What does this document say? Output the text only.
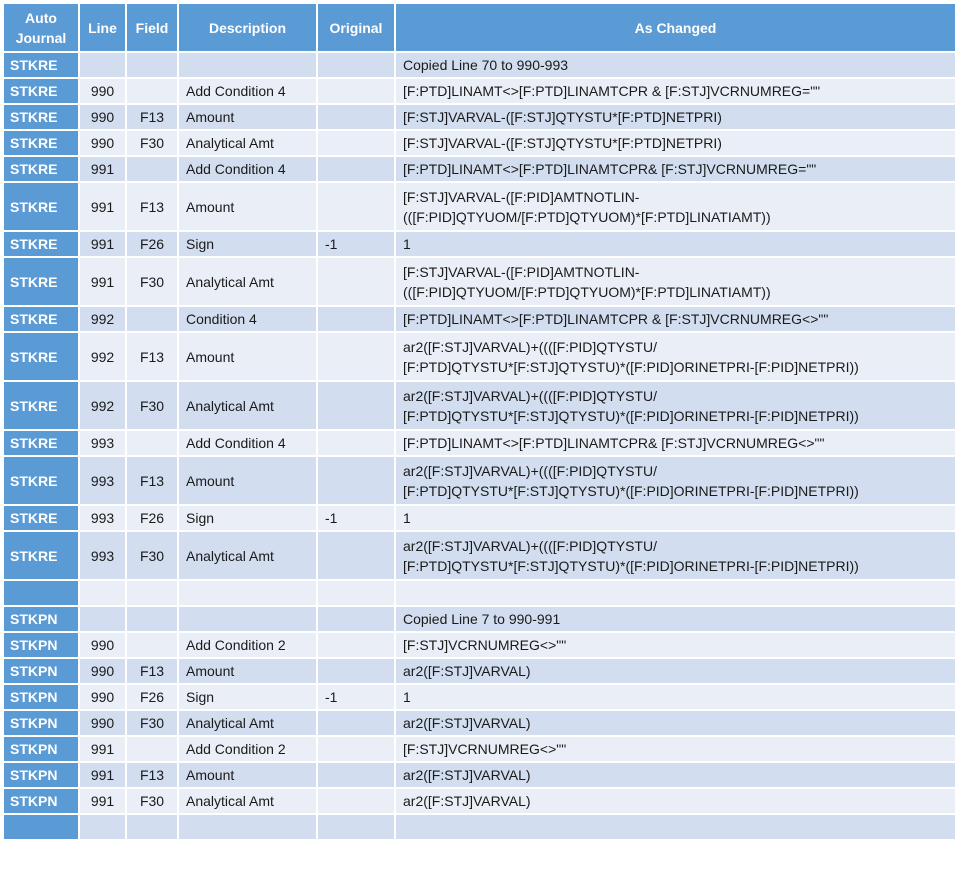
Auto Journal	Line	Field	Description	Original	As Changed
STKRE					Copied Line 70 to 990-993

STKRE	990		Add Condition 4		[F:PTD]LINAMT<>[F:PTD]LINAMTCPR & [F:STJ]VCRNUMREG=""

STKRE	990	F13	Amount		[F:STJ]VARVAL-([F:STJ]QTYSTU*[F:PTD]NETPRI)

STKRE	990	F30	Analytical Amt		[F:STJ]VARVAL-([F:STJ]QTYSTU*[F:PTD]NETPRI)

STKRE	991		Add Condition 4		[F:PTD]LINAMT<>[F:PTD]LINAMTCPR& [F:STJ]VCRNUMREG=""

STKRE	991	F13	Amount		[F:STJ]VARVAL-([F:PID]AMTNOTLIN-
(([F:PID]QTYUOM/[F:PTD]QTYUOM)*[F:PTD]LINATIAMT))

STKRE	991	F26	Sign	-1	1

STKRE	991	F30	Analytical Amt		[F:STJ]VARVAL-([F:PID]AMTNOTLIN-
(([F:PID]QTYUOM/[F:PTD]QTYUOM)*[F:PTD]LINATIAMT))

STKRE	992		Condition 4		[F:PTD]LINAMT<>[F:PTD]LINAMTCPR & [F:STJ]VCRNUMREG<>""

STKRE	992	F13	Amount		ar2([F:STJ]VARVAL)+((([F:PID]QTYSTU/
[F:PTD]QTYSTU*[F:STJ]QTYSTU)*([F:PID]ORINETPRI-[F:PID]NETPRI))

STKRE	992	F30	Analytical Amt		ar2([F:STJ]VARVAL)+((([F:PID]QTYSTU/
[F:PTD]QTYSTU*[F:STJ]QTYSTU)*([F:PID]ORINETPRI-[F:PID]NETPRI))

STKRE	993		Add Condition 4		[F:PTD]LINAMT<>[F:PTD]LINAMTCPR& [F:STJ]VCRNUMREG<>""

STKRE	993	F13	Amount		ar2([F:STJ]VARVAL)+((([F:PID]QTYSTU/
[F:PTD]QTYSTU*[F:STJ]QTYSTU)*([F:PID]ORINETPRI-[F:PID]NETPRI))

STKRE	993	F26	Sign	-1	1

STKRE	993	F30	Analytical Amt		ar2([F:STJ]VARVAL)+((([F:PID]QTYSTU/
[F:PTD]QTYSTU*[F:STJ]QTYSTU)*([F:PID]ORINETPRI-[F:PID]NETPRI))

STKPN					Copied Line 7 to 990-991

STKPN	990		Add Condition 2		[F:STJ]VCRNUMREG<>""

STKPN	990	F13	Amount		ar2([F:STJ]VARVAL)

STKPN	990	F26	Sign	-1	1

STKPN	990	F30	Analytical Amt		ar2([F:STJ]VARVAL)

STKPN	991		Add Condition 2		[F:STJ]VCRNUMREG<>""

STKPN	991	F13	Amount		ar2([F:STJ]VARVAL)

STKPN	991	F30	Analytical Amt		ar2([F:STJ]VARVAL)
